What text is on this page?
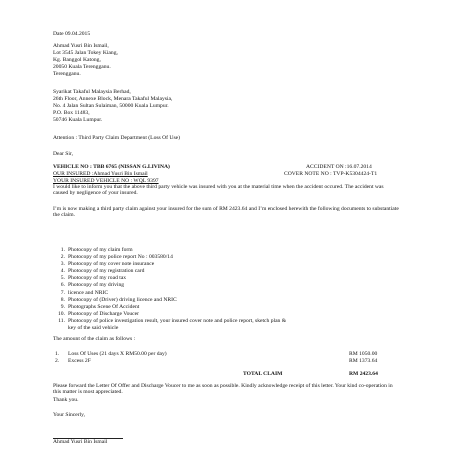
Date 09.04.2015
Ahmad Yusri Bin Ismail,
Lot 3545 Jalan Tokey Kiang,
Kg. Banggol Katong,
20050 Kuala Terengganu.
Terengganu.
Syarikat Takaful Malaysia Berhad,
26th Floor, Annexe Block, Menara Takaful Malaysia,
No. 4 Jalan Sultan Sulaiman, 50000 Kuala Lumpur.
P.O. Box 11483,
50746 Kuala Lumpur.
Attention : Third Party Claim Department (Loss Of Use)
Dear Sir,
VEHICLE NO : TBB 6765 (NISSAN G.LIVINA)	ACCIDENT ON :16.07.2014
OUR INSURED :Ahmad Yusri Bin Ismail	COVER NOTE NO : TVP-K5304424-T1
YOUR INSURED VEHICLE NO : WQL 9397
I would like to inform you that the above third party vehicle was insured with you at the material time when the accident occured. The accident was caused by negligence of your insured.
I’m is now making a third party claim against your insured for the sum of RM 2423.64 and I’m enclosed herewith the following documents to substantiate the claim.
1. Photocopy of my claim form
2. Photocopy of my police report No : 003580/14
3. Photocopy of my cover note insurance
4. Photocopy of my registration card
5. Photocopy of my road tax
6. Photocopy of my driving
7. licence and NRIC
8. Photocopy of (Driver) driving licence and NRIC
9. Photographs Scene Of Accident
10. Photocopy of Discharge Voucer
11. Photocopy of police investigation result, your insured cover note and police report, sketch plan &
key of the said vehicle
The amount of the claim as follows :
1. Loss Of Uses (21 days X RM50.00 per day)	RM 1050.00
2. Excess 2F	RM 1373.64
TOTAL CLAIM	RM 2423.64
Please forward the Letter Of Offer and Discharge Voucer to me as soon as possible. Kindly acknowledge receipt of this letter. Your kind co-operation in this matter is most appreciated.
Thank you.
Your Sincerly,
Ahmad Yusri Bin Ismail
